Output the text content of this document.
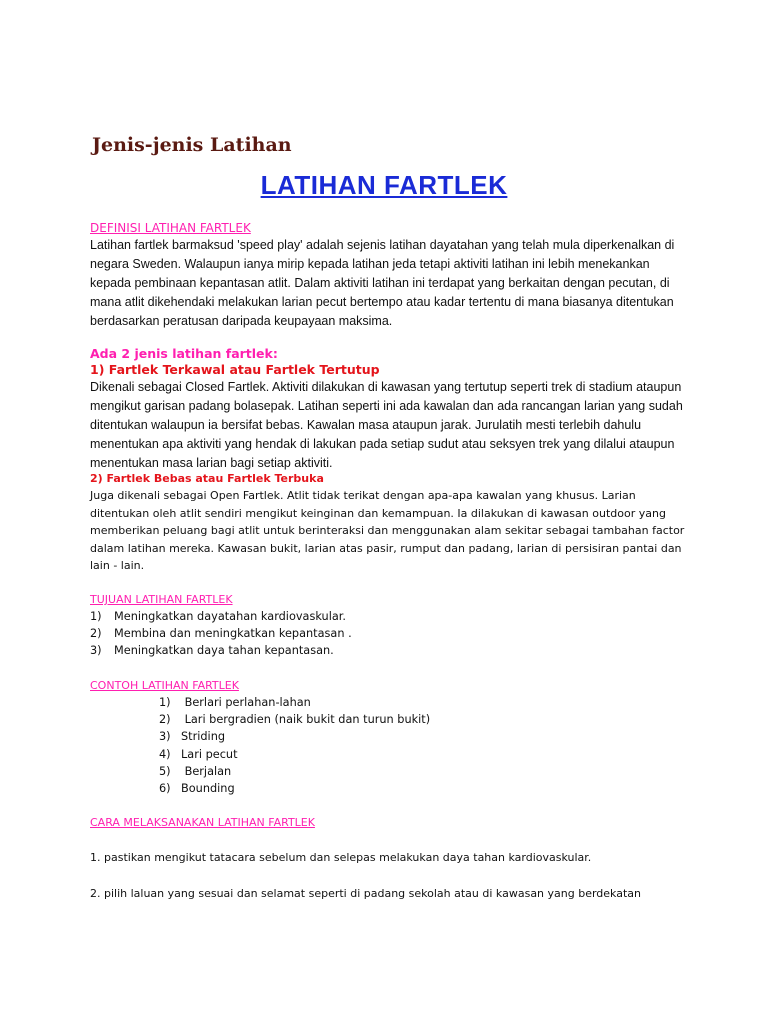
Jenis-jenis Latihan
LATIHAN FARTLEK
DEFINISI LATIHAN FARTLEK

Latihan fartlek barmaksud 'speed play' adalah sejenis latihan dayatahan yang telah mula diperkenalkan di negara Sweden. Walaupun ianya mirip kepada latihan jeda tetapi aktiviti latihan ini lebih menekankan kepada pembinaan kepantasan atlit. Dalam aktiviti latihan ini terdapat yang berkaitan dengan pecutan, di mana atlit dikehendaki melakukan larian pecut bertempo atau kadar tertentu di mana biasanya ditentukan berdasarkan peratusan daripada keupayaan maksima.

Ada 2 jenis latihan fartlek:
1) Fartlek Terkawal atau Fartlek Tertutup

Dikenali sebagai Closed Fartlek. Aktiviti dilakukan di kawasan yang tertutup seperti trek di stadium ataupun mengikut garisan padang bolasepak. Latihan seperti ini ada kawalan dan ada rancangan larian yang sudah ditentukan walaupun ia bersifat bebas. Kawalan masa ataupun jarak. Jurulatih mesti terlebih dahulu menentukan apa aktiviti yang hendak di lakukan pada setiap sudut atau seksyen trek yang dilalui ataupun menentukan masa larian bagi setiap aktiviti.

2) Fartlek Bebas atau Fartlek Terbuka

Juga dikenali sebagai Open Fartlek. Atlit tidak terikat dengan apa-apa kawalan yang khusus. Larian ditentukan oleh atlit sendiri mengikut keinginan dan kemampuan. Ia dilakukan di kawasan outdoor yang memberikan peluang bagi atlit untuk berinteraksi dan menggunakan alam sekitar sebagai tambahan factor dalam latihan mereka. Kawasan bukit, larian atas pasir, rumput dan padang, larian di persisiran pantai dan lain - lain.

TUJUAN LATIHAN FARTLEK
1) Meningkatkan dayatahan kardiovaskular.
2) Membina dan meningkatkan kepantasan .
3) Meningkatkan daya tahan kepantasan.
CONTOH LATIHAN FARTLEK
1) Berlari perlahan-lahan
2) Lari bergradien (naik bukit dan turun bukit)
3) Striding
4) Lari pecut
5) Berjalan
6) Bounding
CARA MELAKSANAKAN LATIHAN FARTLEK
1. pastikan mengikut tatacara sebelum dan selepas melakukan daya tahan kardiovaskular.
2. pilih laluan yang sesuai dan selamat seperti di padang sekolah atau di kawasan yang berdekatan
